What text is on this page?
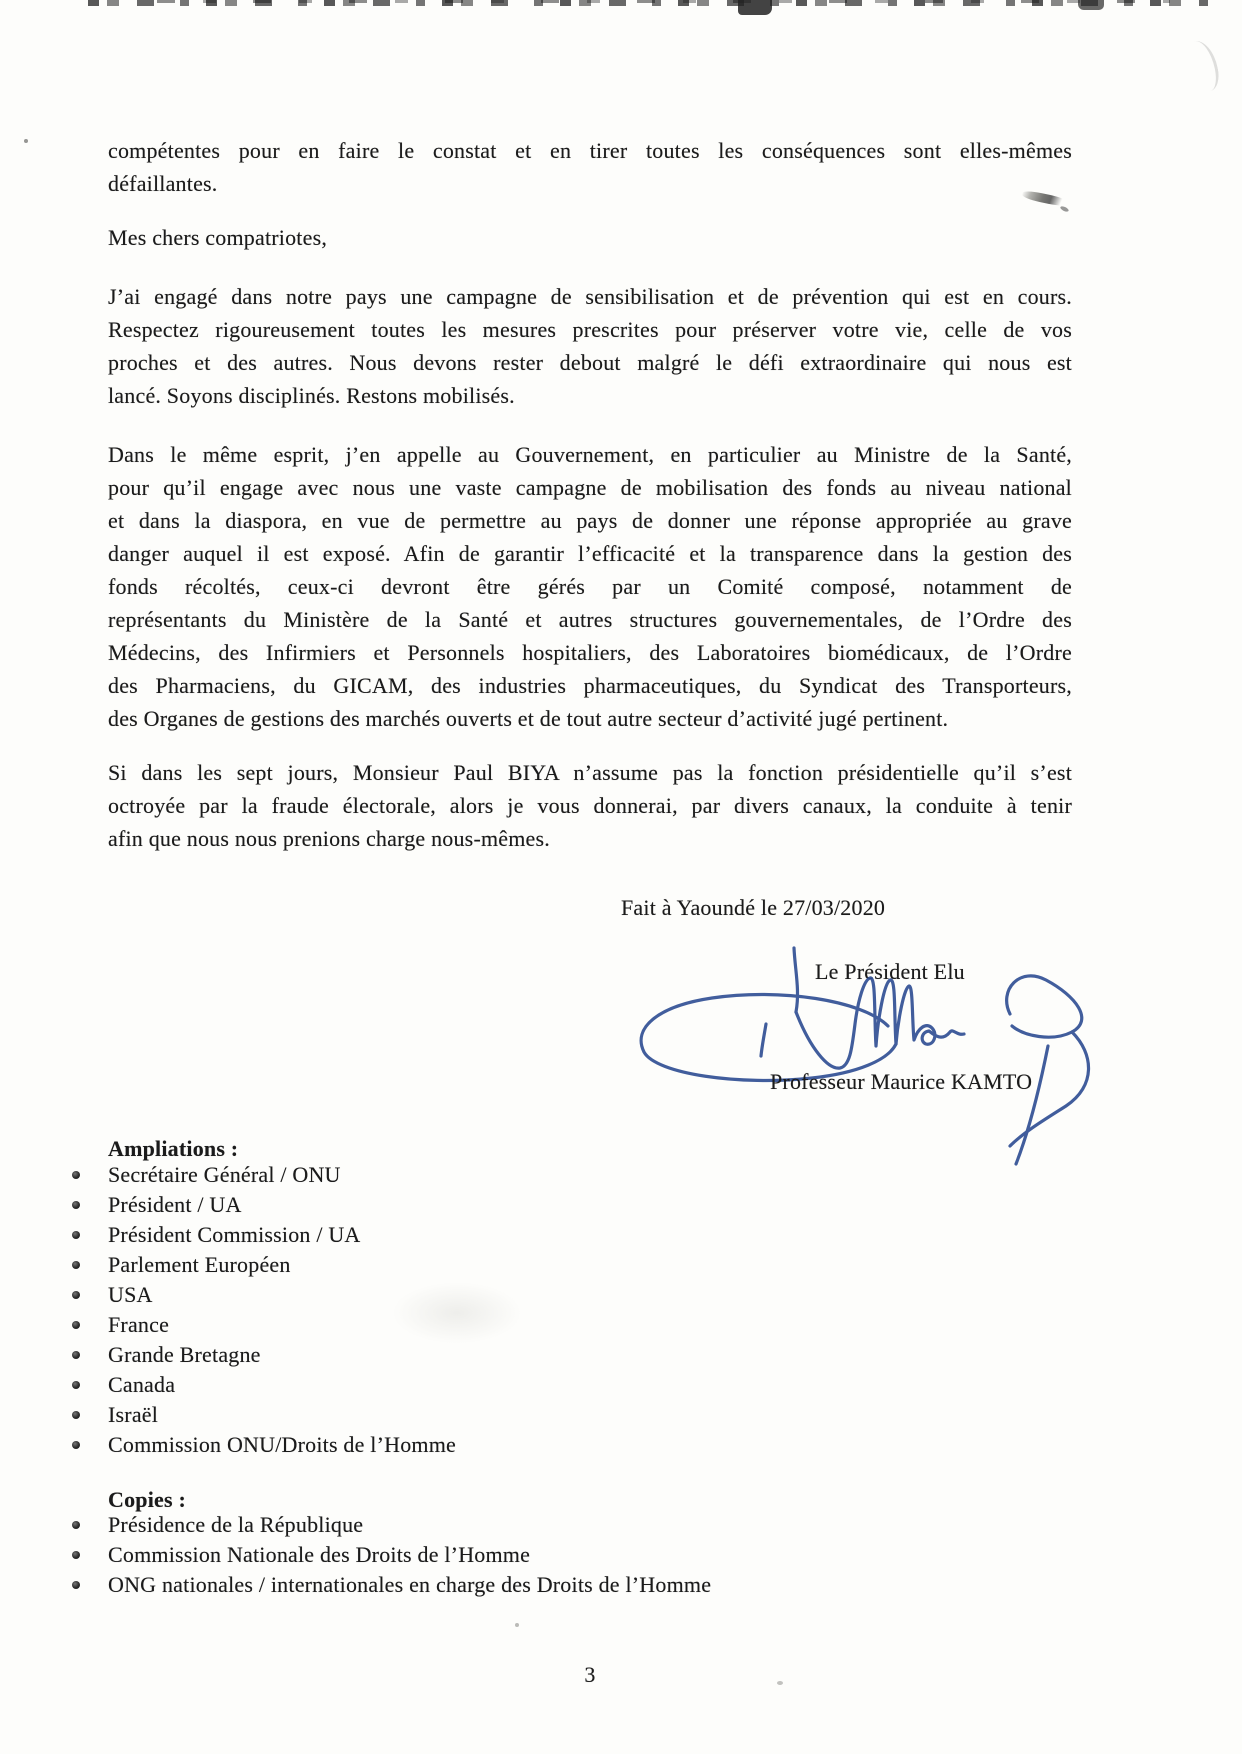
compétentes pour en faire le constat et en tirer toutes les conséquences sont elles-mêmes
défaillantes.
Mes chers compatriotes,
J’ai engagé dans notre pays une campagne de sensibilisation et de prévention qui est en cours.
Respectez rigoureusement toutes les mesures prescrites pour préserver votre vie, celle de vos
proches et des autres. Nous devons rester debout malgré le défi extraordinaire qui nous est
lancé. Soyons disciplinés. Restons mobilisés.
Dans le même esprit, j’en appelle au Gouvernement, en particulier au Ministre de la Santé,
pour qu’il engage avec nous une vaste campagne de mobilisation des fonds au niveau national
et dans la diaspora, en vue de permettre au pays de donner une réponse appropriée au grave
danger auquel il est exposé. Afin de garantir l’efficacité et la transparence dans la gestion des
fonds récoltés, ceux-ci devront être gérés par un Comité composé, notamment de
représentants du Ministère de la Santé et autres structures gouvernementales, de l’Ordre des
Médecins, des Infirmiers et Personnels hospitaliers, des Laboratoires biomédicaux, de l’Ordre
des Pharmaciens, du GICAM, des industries pharmaceutiques, du Syndicat des Transporteurs,
des Organes de gestions des marchés ouverts et de tout autre secteur d’activité jugé pertinent.
Si dans les sept jours, Monsieur Paul BIYA n’assume pas la fonction présidentielle qu’il s’est
octroyée par la fraude électorale, alors je vous donnerai, par divers canaux, la conduite à tenir
afin que nous nous prenions charge nous-mêmes.
Fait à Yaoundé le 27/03/2020
Le Président Elu
Professeur Maurice KAMTO
Ampliations :
Secrétaire Général / ONU
Président / UA
Président Commission / UA
Parlement Européen
USA
France
Grande Bretagne
Canada
Israël
Commission ONU/Droits de l’Homme
Copies :
Présidence de la République
Commission Nationale des Droits de l’Homme
ONG nationales / internationales en charge des Droits de l’Homme
3
